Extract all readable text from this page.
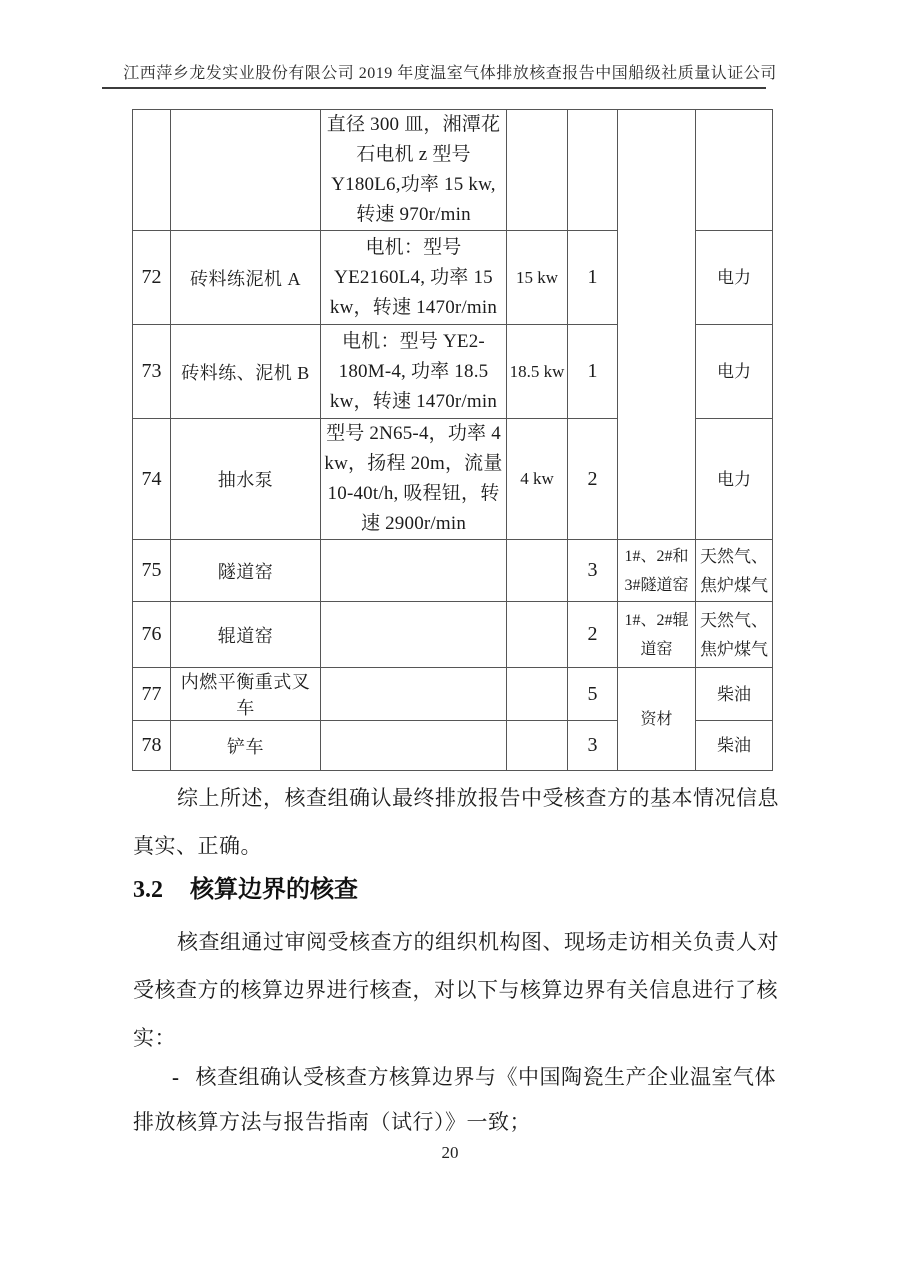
江西萍乡龙发实业股份有限公司 2019 年度温室气体排放核查报告中国船级社质量认证公司
		直径 300 皿，湘潭花石电机 z 型号 Y180L6,功率 15 kw,转速 970r/min				
72	砖料练泥机 A	电机：型号 YE2160L4, 功率 15 kw，转速 1470r/min	15 kw	1		电力
73	砖料练、泥机 B	电机：型号 YE2-180M-4, 功率 18.5 kw，转速 1470r/min	18.5 kw	1		电力
74	抽水泵	型号 2N65-4，功率 4 kw，扬程 20m，流量 10-40t/h, 吸程钮，转速 2900r/min	4 kw	2		电力
75	隧道窑			3	1#、2#和3#隧道窑	天然气、焦炉煤气
76	辊道窑			2	1#、2#辊道窑	天然气、焦炉煤气
77	内燃平衡重式叉车			5	资材	柴油
78	铲车			3		柴油
综上所述，核查组确认最终排放报告中受核查方的基本情况信息
真实、正确。
3.2 核算边界的核查
核查组通过审阅受核查方的组织机构图、现场走访相关负责人对
受核查方的核算边界进行核查，对以下与核算边界有关信息进行了核
实：
- 核查组确认受核查方核算边界与《中国陶瓷生产企业温室气体
排放核算方法与报告指南（试行）》一致；
20
